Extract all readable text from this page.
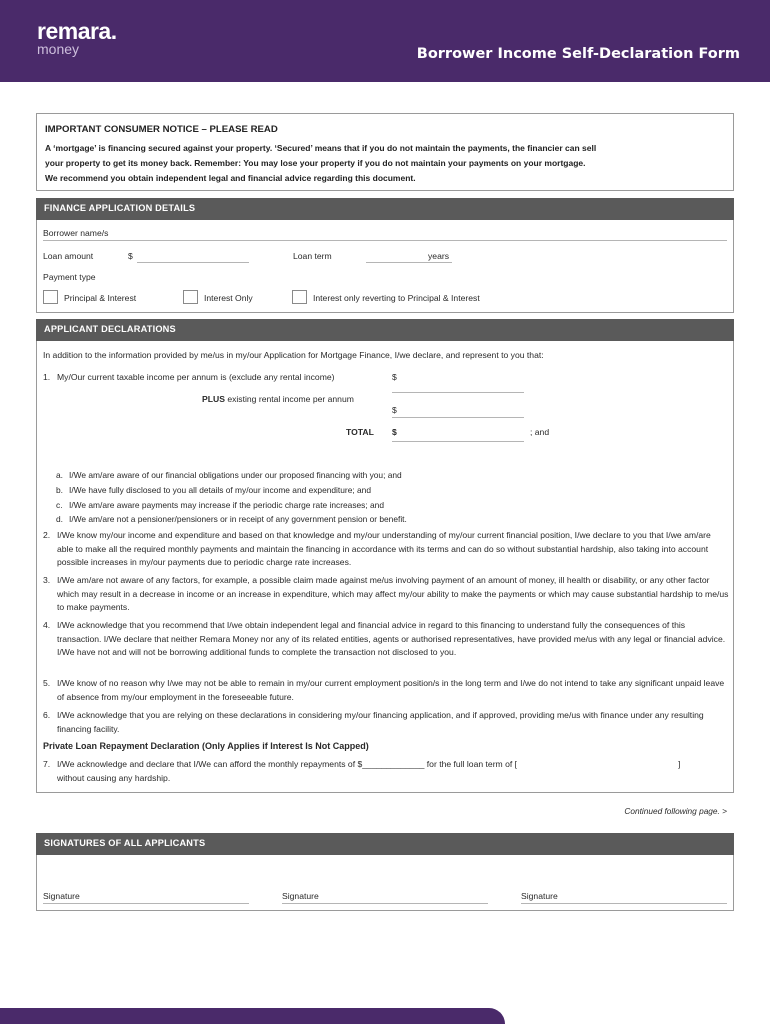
remara.
money	Borrower Income Self-Declaration Form
IMPORTANT CONSUMER NOTICE – PLEASE READ
A ‘mortgage’ is financing secured against your property. ‘Secured’ means that if you do not maintain the payments, the financier can sell
your property to get its money back. Remember: You may lose your property if you do not maintain your payments on your mortgage.
We recommend you obtain independent legal and financial advice regarding this document.
FINANCE APPLICATION DETAILS
Borrower name/s
Loan amount	$	Loan term	years
Payment type
Principal & Interest	Interest Only	Interest only reverting to Principal & Interest
APPLICANT DECLARATIONS
In addition to the information provided by me/us in my/our Application for Mortgage Finance, I/we declare, and represent to you that:
1. My/Our current taxable income per annum is (exclude any rental income)	$
PLUS existing rental income per annum
$
TOTAL $	; and
a. I/We am/are aware of our financial obligations under our proposed financing with you; and
b. I/We have fully disclosed to you all details of my/our income and expenditure; and
c. I/We am/are aware payments may increase if the periodic charge rate increases; and
d. I/We am/are not a pensioner/pensioners or in receipt of any government pension or benefit.
2. I/We know my/our income and expenditure and based on that knowledge and my/our understanding of my/our current financial position, I/we declare to you that I/we am/are able to make all the required monthly payments and maintain the financing in accordance with its terms and can do so without substantial hardship, also taking into account possible increases in my/our payments due to periodic charge rate increases.
3. I/We am/are not aware of any factors, for example, a possible claim made against me/us involving payment of an amount of money, ill health or disability, or any other factor which may result in a decrease in income or an increase in expenditure, which may affect my/our ability to make the payments or which may cause substantial hardship to me/us to make payments.
4. I/We acknowledge that you recommend that I/we obtain independent legal and financial advice in regard to this financing to understand fully the consequences of this transaction. I/We declare that neither Remara Money nor any of its related entities, agents or authorised representatives, have provided me/us with any legal or financial advice. I/We have not and will not be borrowing additional funds to complete the transaction not disclosed to you.
5. I/We know of no reason why I/we may not be able to remain in my/our current employment position/s in the long term and I/we do not intend to take any significant unpaid leave of absence from my/our employment in the foreseeable future.
6. I/We acknowledge that you are relying on these declarations in considering my/our financing application, and if approved, providing me/us with finance under any resulting financing facility.
Private Loan Repayment Declaration (Only Applies if Interest Is Not Capped)
7. I/We acknowledge and declare that I/We can afford the monthly repayments of $_____________ for the full loan term of [	]
without causing any hardship.
Continued following page. >
SIGNATURES OF ALL APPLICANTS
Signature	Signature	Signature
